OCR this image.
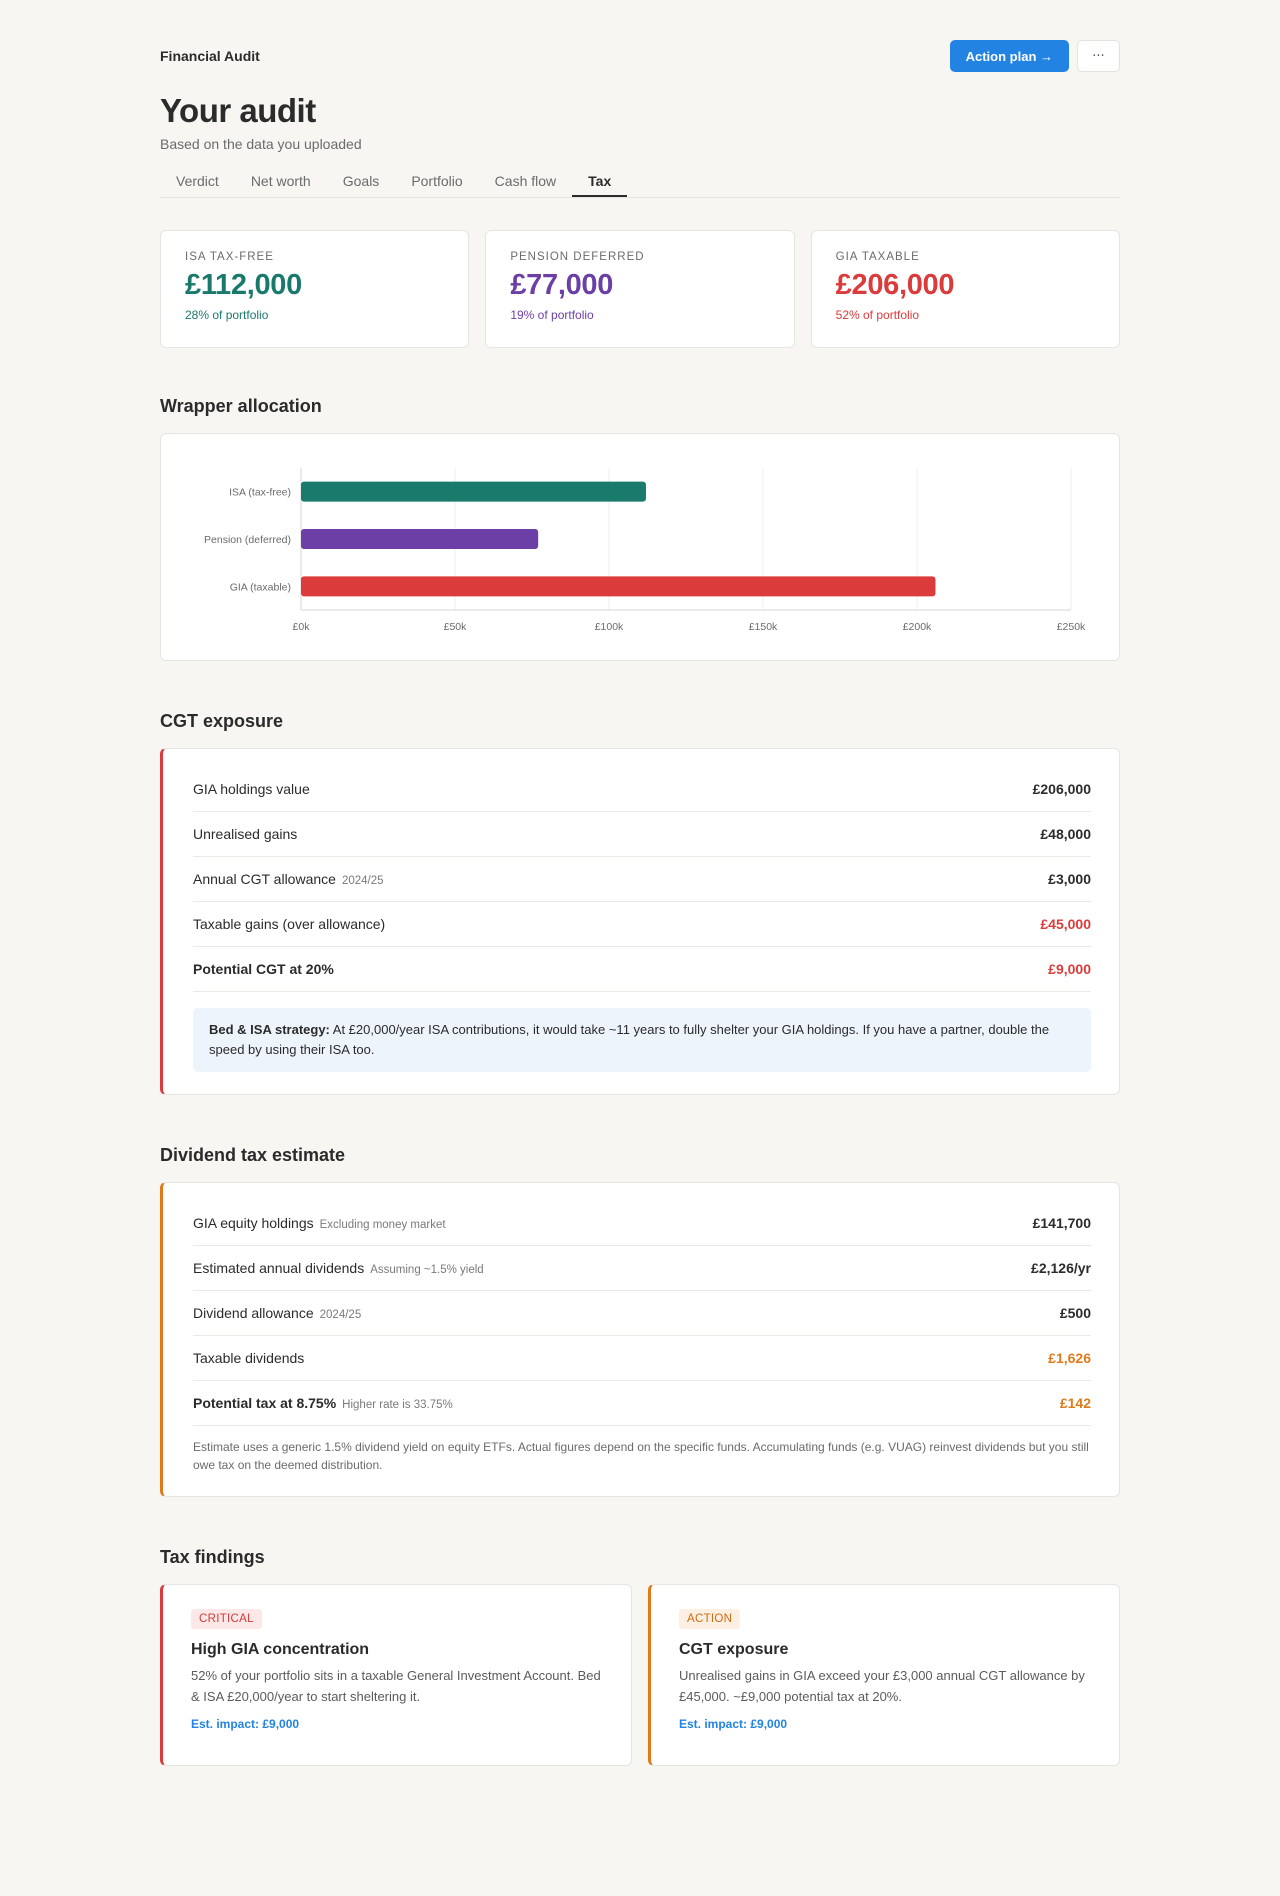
Financial Audit	Action plan →	···
Your audit
Based on the data you uploaded
Verdict	Net worth	Goals	Portfolio	Cash flow	Tax
ISA TAX-FREE
£112,000
28% of portfolio
PENSION DEFERRED
£77,000
19% of portfolio
GIA TAXABLE
£206,000
52% of portfolio
Wrapper allocation
£0k	£50k	£100k	£150k	£200k	£250k
ISA (tax-free)
Pension (deferred)
GIA (taxable)
CGT exposure
GIA holdings value	£206,000
Unrealised gains	£48,000
Annual CGT allowance 2024/25	£3,000
Taxable gains (over allowance)	£45,000
Potential CGT at 20%	£9,000
Bed & ISA strategy: At £20,000/year ISA contributions, it would take ~11 years to fully shelter your GIA holdings. If you have a partner, double the speed by using their ISA too.
Dividend tax estimate
GIA equity holdings Excluding money market	£141,700
Estimated annual dividends Assuming ~1.5% yield	£2,126/yr
Dividend allowance 2024/25	£500
Taxable dividends	£1,626
Potential tax at 8.75% Higher rate is 33.75%	£142
Estimate uses a generic 1.5% dividend yield on equity ETFs. Actual figures depend on the specific funds. Accumulating funds (e.g. VUAG) reinvest dividends but you still owe tax on the deemed distribution.
Tax findings
CRITICAL
High GIA concentration
52% of your portfolio sits in a taxable General Investment Account. Bed & ISA £20,000/year to start sheltering it.
Est. impact: £9,000
ACTION
CGT exposure
Unrealised gains in GIA exceed your £3,000 annual CGT allowance by £45,000. ~£9,000 potential tax at 20%.
Est. impact: £9,000
